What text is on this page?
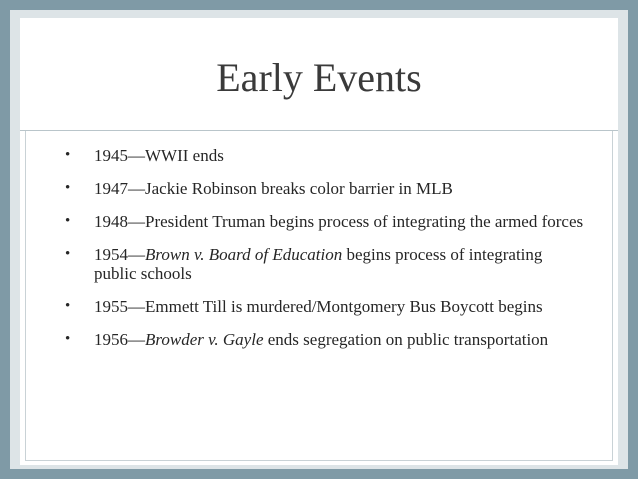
Early Events
• 1945—WWII ends
• 1947—Jackie Robinson breaks color barrier in MLB
• 1948—President Truman begins process of integrating the armed forces
• 1954—Brown v. Board of Education begins process of integrating public schools
• 1955—Emmett Till is murdered/Montgomery Bus Boycott begins
• 1956—Browder v. Gayle ends segregation on public transportation
